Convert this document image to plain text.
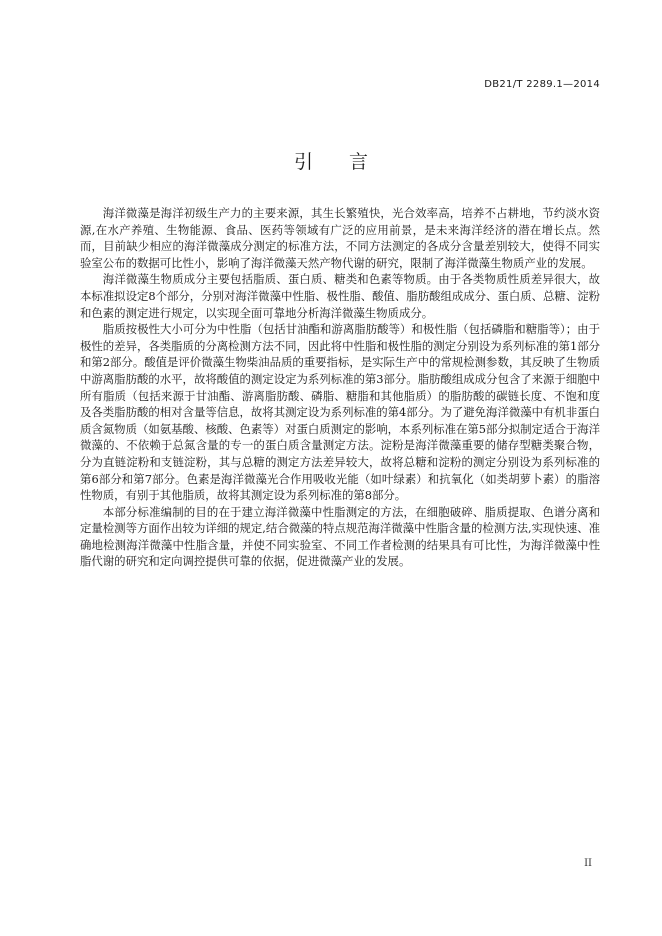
DB21/T 2289.1—2014
引言

海洋微藻是海洋初级生产力的主要来源，其生长繁殖快，光合效率高，培养不占耕地，节约淡水资源,在水产养殖、生物能源、食品、医药等领域有广泛的应用前景，是未来海洋经济的潜在增长点。然而，目前缺少相应的海洋微藻成分测定的标准方法，不同方法测定的各成分含量差别较大，使得不同实验室公布的数据可比性小，影响了海洋微藻天然产物代谢的研究，限制了海洋微藻生物质产业的发展。

海洋微藻生物质成分主要包括脂质、蛋白质、糖类和色素等物质。由于各类物质性质差异很大，故本标准拟设定8个部分，分别对海洋微藻中性脂、极性脂、酸值、脂肪酸组成成分、蛋白质、总糖、淀粉和色素的测定进行规定，以实现全面可靠地分析海洋微藻生物质成分。

脂质按极性大小可分为中性脂（包括甘油酯和游离脂肪酸等）和极性脂（包括磷脂和糖脂等）；由于极性的差异，各类脂质的分离检测方法不同，因此将中性脂和极性脂的测定分别设为系列标准的第1部分和第2部分。酸值是评价微藻生物柴油品质的重要指标，是实际生产中的常规检测参数，其反映了生物质中游离脂肪酸的水平，故将酸值的测定设定为系列标准的第3部分。脂肪酸组成成分包含了来源于细胞中所有脂质（包括来源于甘油酯、游离脂肪酸、磷脂、糖脂和其他脂质）的脂肪酸的碳链长度、不饱和度及各类脂肪酸的相对含量等信息，故将其测定设为系列标准的第4部分。为了避免海洋微藻中有机非蛋白质含氮物质（如氨基酸、核酸、色素等）对蛋白质测定的影响，本系列标准在第5部分拟制定适合于海洋微藻的、不依赖于总氮含量的专一的蛋白质含量测定方法。淀粉是海洋微藻重要的储存型糖类聚合物，分为直链淀粉和支链淀粉，其与总糖的测定方法差异较大，故将总糖和淀粉的测定分别设为系列标准的第6部分和第7部分。色素是海洋微藻光合作用吸收光能（如叶绿素）和抗氧化（如类胡萝卜素）的脂溶性物质，有别于其他脂质，故将其测定设为系列标准的第8部分。

本部分标准编制的目的在于建立海洋微藻中性脂测定的方法，在细胞破碎、脂质提取、色谱分离和定量检测等方面作出较为详细的规定,结合微藻的特点规范海洋微藻中性脂含量的检测方法,实现快速、准确地检测海洋微藻中性脂含量，并使不同实验室、不同工作者检测的结果具有可比性，为海洋微藻中性脂代谢的研究和定向调控提供可靠的依据，促进微藻产业的发展。

II
